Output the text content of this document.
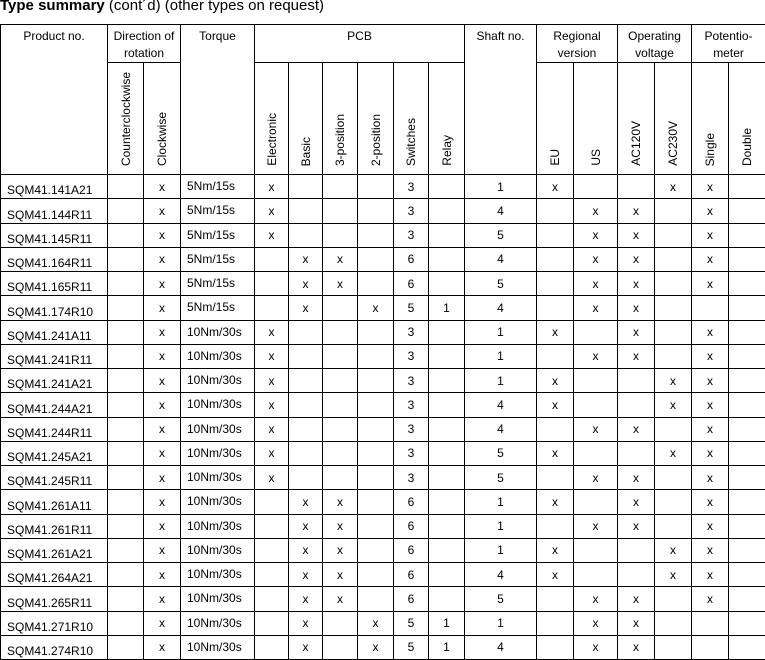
Type summary (cont´d) (other types on request)
Product no.	Direction of rotation		Torque	PCB						Shaft no.	Regional version		Operating voltage		Potentio- meter	
	Counterclockwise	Clockwise		Electronic	Basic	3-position	2-position	Switches	Relay		EU	US	AC120V	AC230V	Single	Double
SQM41.141A21		x	5Nm/15s	x				3		1	x			x	x	
SQM41.144R11		x	5Nm/15s	x				3		4		x	x		x	
SQM41.145R11		x	5Nm/15s	x				3		5		x	x		x	
SQM41.164R11		x	5Nm/15s		x	x		6		4		x	x		x	
SQM41.165R11		x	5Nm/15s		x	x		6		5		x	x		x	
SQM41.174R10		x	5Nm/15s		x		x	5	1	4		x	x			
SQM41.241A11		x	10Nm/30s	x				3		1	x		x		x	
SQM41.241R11		x	10Nm/30s	x				3		1		x	x		x	
SQM41.241A21		x	10Nm/30s	x				3		1	x			x	x	
SQM41.244A21		x	10Nm/30s	x				3		4	x			x	x	
SQM41.244R11		x	10Nm/30s	x				3		4		x	x		x	
SQM41.245A21		x	10Nm/30s	x				3		5	x			x	x	
SQM41.245R11		x	10Nm/30s	x				3		5		x	x		x	
SQM41.261A11		x	10Nm/30s		x	x		6		1	x		x		x	
SQM41.261R11		x	10Nm/30s		x	x		6		1		x	x		x	
SQM41.261A21		x	10Nm/30s		x	x		6		1	x			x	x	
SQM41.264A21		x	10Nm/30s		x	x		6		4	x			x	x	
SQM41.265R11		x	10Nm/30s		x	x		6		5		x	x		x	
SQM41.271R10		x	10Nm/30s		x		x	5	1	1		x	x			
SQM41.274R10		x	10Nm/30s		x		x	5	1	4		x	x			
